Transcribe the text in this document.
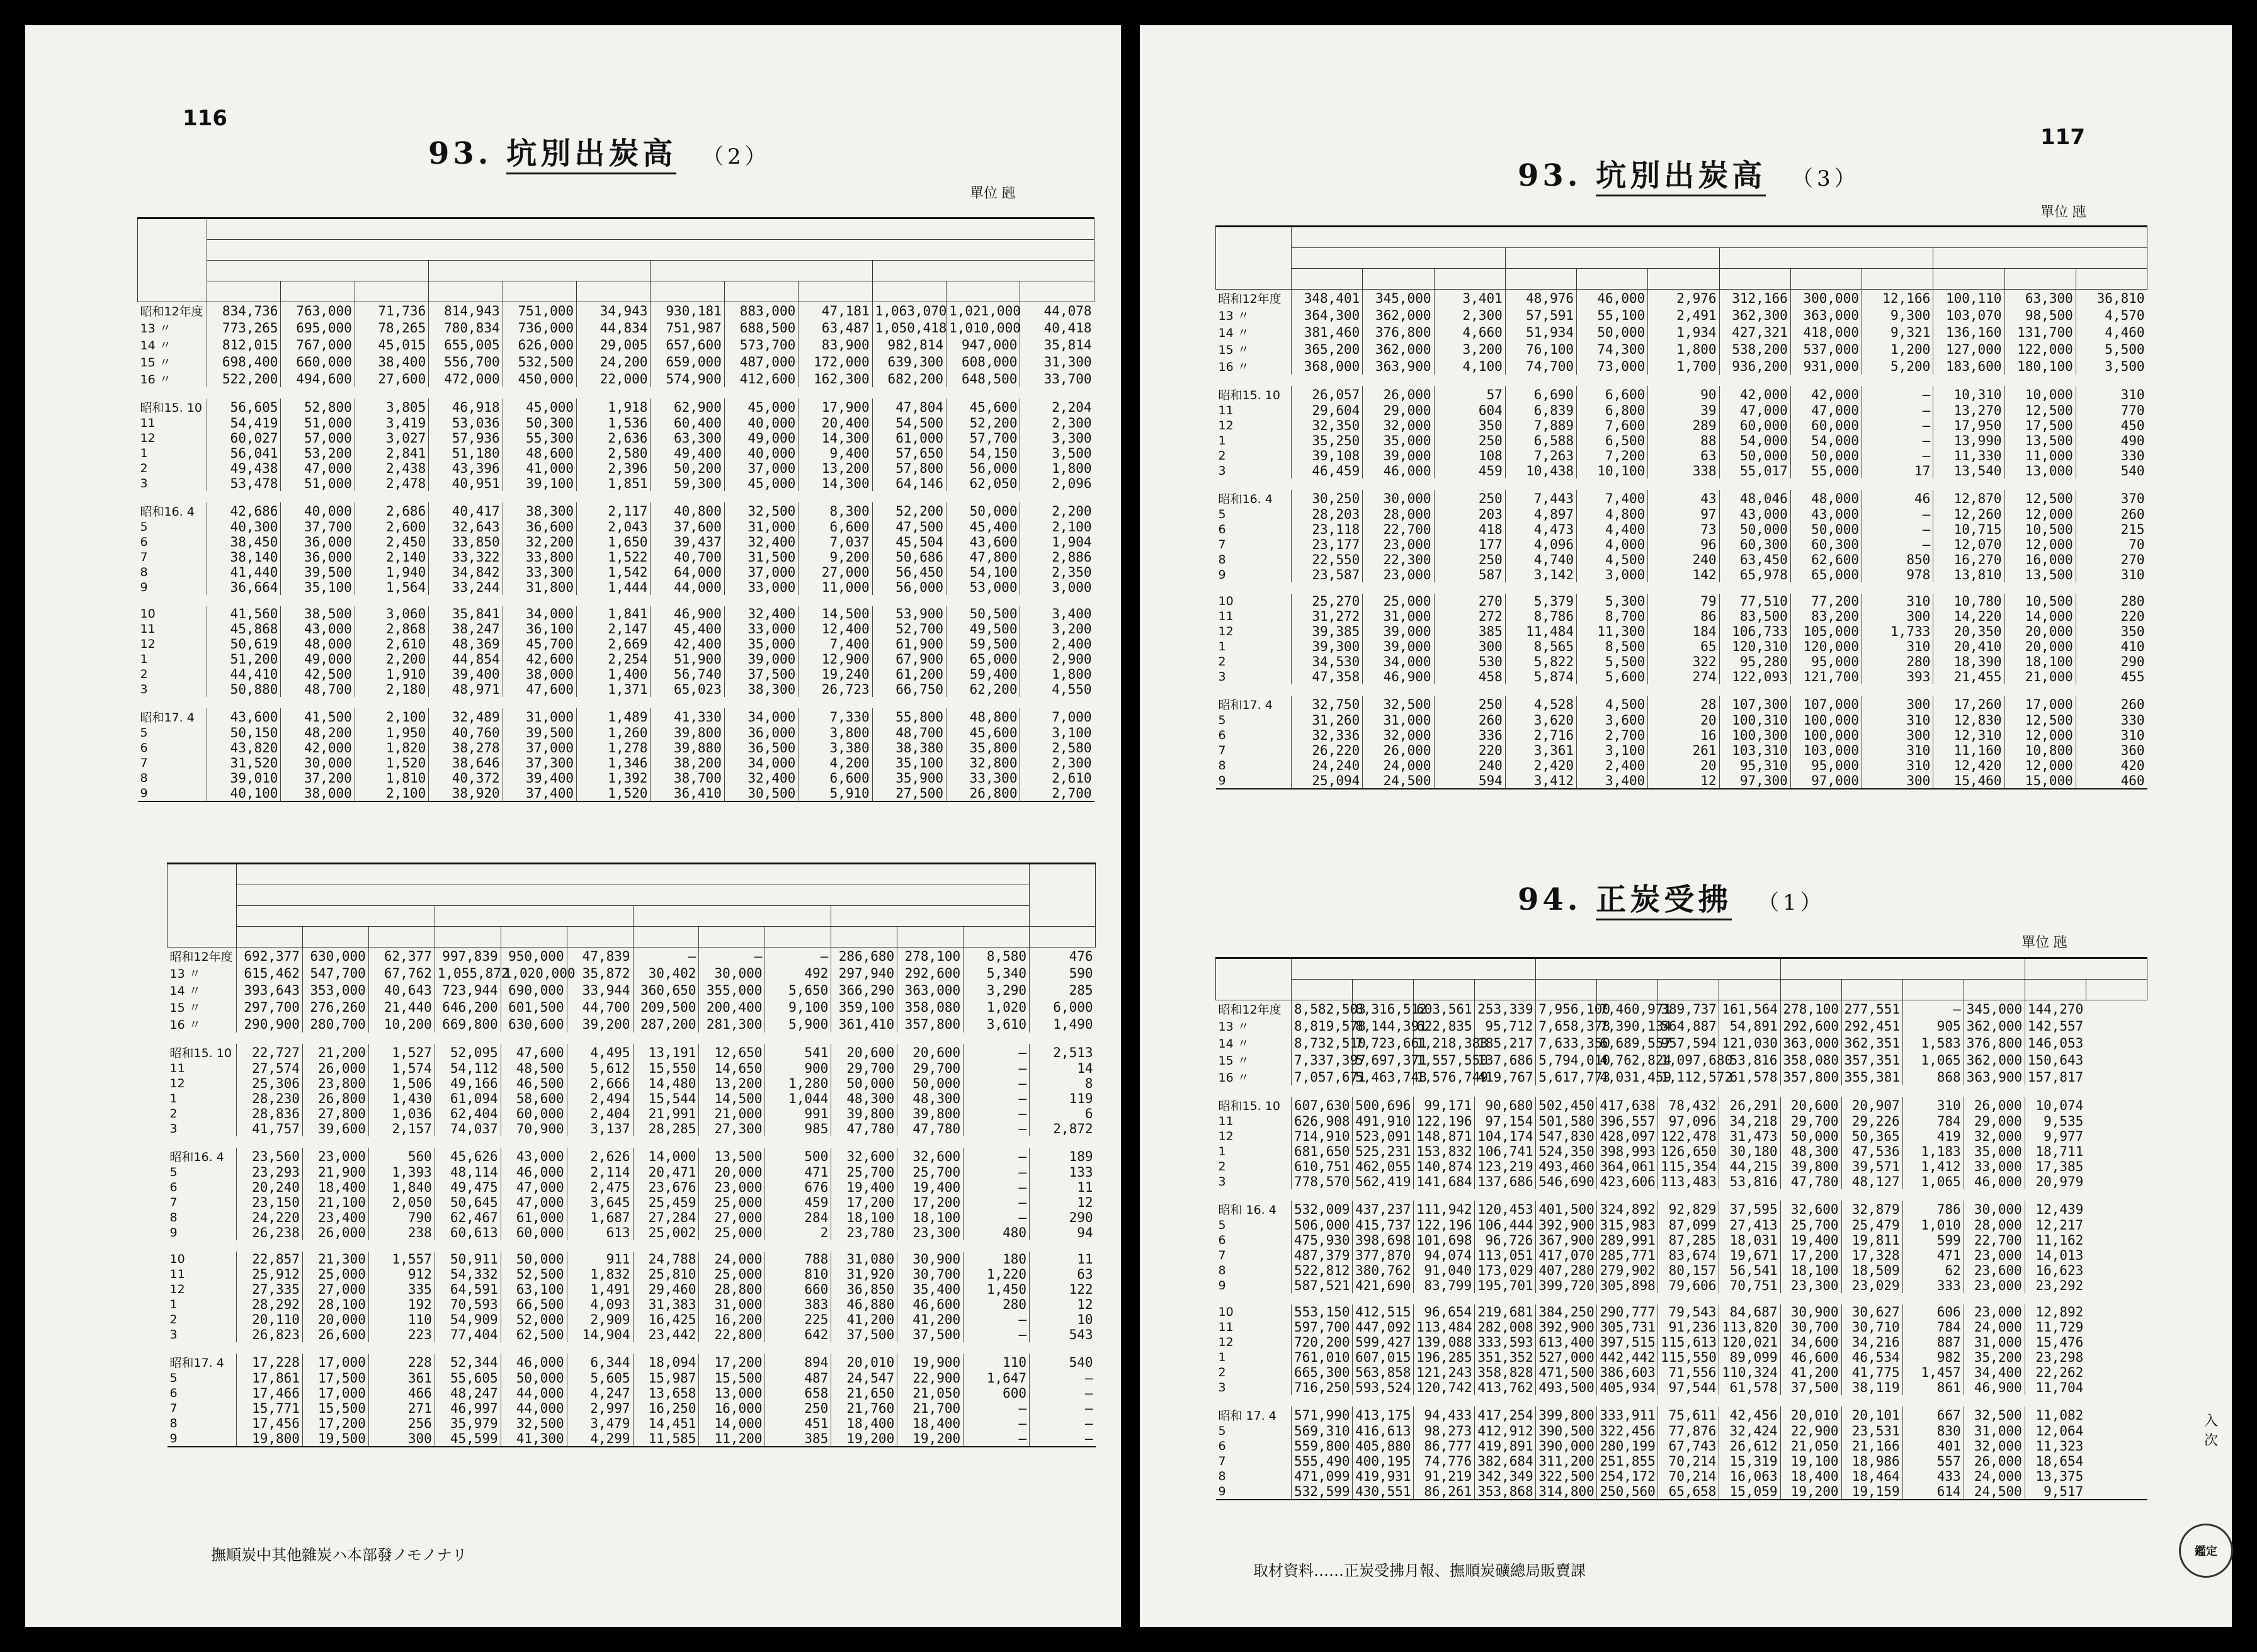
116
93. 坑別出炭高 （2）
單位 瓲

昭和12年度	834,736	763,000	71,736	814,943	751,000	34,943	930,181	883,000	47,181	1,063,070	1,021,000	44,078
13 〃	773,265	695,000	78,265	780,834	736,000	44,834	751,987	688,500	63,487	1,050,418	1,010,000	40,418
14 〃	812,015	767,000	45,015	655,005	626,000	29,005	657,600	573,700	83,900	982,814	947,000	35,814
15 〃	698,400	660,000	38,400	556,700	532,500	24,200	659,000	487,000	172,000	639,300	608,000	31,300
16 〃	522,200	494,600	27,600	472,000	450,000	22,000	574,900	412,600	162,300	682,200	648,500	33,700

昭和15. 10	56,605	52,800	3,805	46,918	45,000	1,918	62,900	45,000	17,900	47,804	45,600	2,204
11	54,419	51,000	3,419	53,036	50,300	1,536	60,400	40,000	20,400	54,500	52,200	2,300
12	60,027	57,000	3,027	57,936	55,300	2,636	63,300	49,000	14,300	61,000	57,700	3,300
1	56,041	53,200	2,841	51,180	48,600	2,580	49,400	40,000	9,400	57,650	54,150	3,500
2	49,438	47,000	2,438	43,396	41,000	2,396	50,200	37,000	13,200	57,800	56,000	1,800
3	53,478	51,000	2,478	40,951	39,100	1,851	59,300	45,000	14,300	64,146	62,050	2,096

昭和16. 4	42,686	40,000	2,686	40,417	38,300	2,117	40,800	32,500	8,300	52,200	50,000	2,200
5	40,300	37,700	2,600	32,643	36,600	2,043	37,600	31,000	6,600	47,500	45,400	2,100
6	38,450	36,000	2,450	33,850	32,200	1,650	39,437	32,400	7,037	45,504	43,600	1,904
7	38,140	36,000	2,140	33,322	33,800	1,522	40,700	31,500	9,200	50,686	47,800	2,886
8	41,440	39,500	1,940	34,842	33,300	1,542	64,000	37,000	27,000	56,450	54,100	2,350
9	36,664	35,100	1,564	33,244	31,800	1,444	44,000	33,000	11,000	56,000	53,000	3,000

10	41,560	38,500	3,060	35,841	34,000	1,841	46,900	32,400	14,500	53,900	50,500	3,400
11	45,868	43,000	2,868	38,247	36,100	2,147	45,400	33,000	12,400	52,700	49,500	3,200
12	50,619	48,000	2,610	48,369	45,700	2,669	42,400	35,000	7,400	61,900	59,500	2,400
1	51,200	49,000	2,200	44,854	42,600	2,254	51,900	39,000	12,900	67,900	65,000	2,900
2	44,410	42,500	1,910	39,400	38,000	1,400	56,740	37,500	19,240	61,200	59,400	1,800
3	50,880	48,700	2,180	48,971	47,600	1,371	65,023	38,300	26,723	66,750	62,200	4,550

昭和17. 4	43,600	41,500	2,100	32,489	31,000	1,489	41,330	34,000	7,330	55,800	48,800	7,000
5	50,150	48,200	1,950	40,760	39,500	1,260	39,800	36,000	3,800	48,700	45,600	3,100
6	43,820	42,000	1,820	38,278	37,000	1,278	39,880	36,500	3,380	38,380	35,800	2,580
7	31,520	30,000	1,520	38,646	37,300	1,346	38,200	34,000	4,200	35,100	32,800	2,300
8	39,010	37,200	1,810	40,372	39,400	1,392	38,700	32,400	6,600	35,900	33,300	2,610
9	40,100	38,000	2,100	38,920	37,400	1,520	36,410	30,500	5,910	27,500	26,800	2,700

昭和12年度	692,377	630,000	62,377	997,839	950,000	47,839	—	—	—	286,680	278,100	8,580	476
13 〃	615,462	547,700	67,762	1,055,872	1,020,000	35,872	30,402	30,000	492	297,940	292,600	5,340	590
14 〃	393,643	353,000	40,643	723,944	690,000	33,944	360,650	355,000	5,650	366,290	363,000	3,290	285
15 〃	297,700	276,260	21,440	646,200	601,500	44,700	209,500	200,400	9,100	359,100	358,080	1,020	6,000
16 〃	290,900	280,700	10,200	669,800	630,600	39,200	287,200	281,300	5,900	361,410	357,800	3,610	1,490

昭和15. 10	22,727	21,200	1,527	52,095	47,600	4,495	13,191	12,650	541	20,600	20,600	—	2,513
11	27,574	26,000	1,574	54,112	48,500	5,612	15,550	14,650	900	29,700	29,700	—	14
12	25,306	23,800	1,506	49,166	46,500	2,666	14,480	13,200	1,280	50,000	50,000	—	8
1	28,230	26,800	1,430	61,094	58,600	2,494	15,544	14,500	1,044	48,300	48,300	—	119
2	28,836	27,800	1,036	62,404	60,000	2,404	21,991	21,000	991	39,800	39,800	—	6
3	41,757	39,600	2,157	74,037	70,900	3,137	28,285	27,300	985	47,780	47,780	—	2,872

昭和16. 4	23,560	23,000	560	45,626	43,000	2,626	14,000	13,500	500	32,600	32,600	—	189
5	23,293	21,900	1,393	48,114	46,000	2,114	20,471	20,000	471	25,700	25,700	—	133
6	20,240	18,400	1,840	49,475	47,000	2,475	23,676	23,000	676	19,400	19,400	—	11
7	23,150	21,100	2,050	50,645	47,000	3,645	25,459	25,000	459	17,200	17,200	—	12
8	24,220	23,400	790	62,467	61,000	1,687	27,284	27,000	284	18,100	18,100	—	290
9	26,238	26,000	238	60,613	60,000	613	25,002	25,000	2	23,780	23,300	480	94

10	22,857	21,300	1,557	50,911	50,000	911	24,788	24,000	788	31,080	30,900	180	11
11	25,912	25,000	912	54,332	52,500	1,832	25,810	25,000	810	31,920	30,700	1,220	63
12	27,335	27,000	335	64,591	63,100	1,491	29,460	28,800	660	36,850	35,400	1,450	122
1	28,292	28,100	192	70,593	66,500	4,093	31,383	31,000	383	46,880	46,600	280	12
2	20,110	20,000	110	54,909	52,000	2,909	16,425	16,200	225	41,200	41,200	—	10
3	26,823	26,600	223	77,404	62,500	14,904	23,442	22,800	642	37,500	37,500	—	543

昭和17. 4	17,228	17,000	228	52,344	46,000	6,344	18,094	17,200	894	20,010	19,900	110	540
5	17,861	17,500	361	55,605	50,000	5,605	15,987	15,500	487	24,547	22,900	1,647	—
6	17,466	17,000	466	48,247	44,000	4,247	13,658	13,000	658	21,650	21,050	600	—
7	15,771	15,500	271	46,997	44,000	2,997	16,250	16,000	250	21,760	21,700	—	—
8	17,456	17,200	256	35,979	32,500	3,479	14,451	14,000	451	18,400	18,400	—	—
9	19,800	19,500	300	45,599	41,300	4,299	11,585	11,200	385	19,200	19,200	—	—
撫順炭中其他雜炭ハ本部發ノモノナリ
117
93. 坑別出炭高 （3）
單位 瓲

昭和12年度	348,401	345,000	3,401	48,976	46,000	2,976	312,166	300,000	12,166	100,110	63,300	36,810
13 〃	364,300	362,000	2,300	57,591	55,100	2,491	362,300	363,000	9,300	103,070	98,500	4,570
14 〃	381,460	376,800	4,660	51,934	50,000	1,934	427,321	418,000	9,321	136,160	131,700	4,460
15 〃	365,200	362,000	3,200	76,100	74,300	1,800	538,200	537,000	1,200	127,000	122,000	5,500
16 〃	368,000	363,900	4,100	74,700	73,000	1,700	936,200	931,000	5,200	183,600	180,100	3,500

昭和15. 10	26,057	26,000	57	6,690	6,600	90	42,000	42,000	—	10,310	10,000	310
11	29,604	29,000	604	6,839	6,800	39	47,000	47,000	—	13,270	12,500	770
12	32,350	32,000	350	7,889	7,600	289	60,000	60,000	—	17,950	17,500	450
1	35,250	35,000	250	6,588	6,500	88	54,000	54,000	—	13,990	13,500	490
2	39,108	39,000	108	7,263	7,200	63	50,000	50,000	—	11,330	11,000	330
3	46,459	46,000	459	10,438	10,100	338	55,017	55,000	17	13,540	13,000	540

昭和16. 4	30,250	30,000	250	7,443	7,400	43	48,046	48,000	46	12,870	12,500	370
5	28,203	28,000	203	4,897	4,800	97	43,000	43,000	—	12,260	12,000	260
6	23,118	22,700	418	4,473	4,400	73	50,000	50,000	—	10,715	10,500	215
7	23,177	23,000	177	4,096	4,000	96	60,300	60,300	—	12,070	12,000	70
8	22,550	22,300	250	4,740	4,500	240	63,450	62,600	850	16,270	16,000	270
9	23,587	23,000	587	3,142	3,000	142	65,978	65,000	978	13,810	13,500	310

10	25,270	25,000	270	5,379	5,300	79	77,510	77,200	310	10,780	10,500	280
11	31,272	31,000	272	8,786	8,700	86	83,500	83,200	300	14,220	14,000	220
12	39,385	39,000	385	11,484	11,300	184	106,733	105,000	1,733	20,350	20,000	350
1	39,300	39,000	300	8,565	8,500	65	120,310	120,000	310	20,410	20,000	410
2	34,530	34,000	530	5,822	5,500	322	95,280	95,000	280	18,390	18,100	290
3	47,358	46,900	458	5,874	5,600	274	122,093	121,700	393	21,455	21,000	455

昭和17. 4	32,750	32,500	250	4,528	4,500	28	107,300	107,000	300	17,260	17,000	260
5	31,260	31,000	260	3,620	3,600	20	100,310	100,000	310	12,830	12,500	330
6	32,336	32,000	336	2,716	2,700	16	100,300	100,000	300	12,310	12,000	310
7	26,220	26,000	220	3,361	3,100	261	103,310	103,000	310	11,160	10,800	360
8	24,240	24,000	240	2,420	2,400	20	95,310	95,000	310	12,420	12,000	420
9	25,094	24,500	594	3,412	3,400	12	97,300	97,000	300	15,460	15,000	460
94. 正炭受拂 （1）
單位 瓲

昭和12年度	8,582,503	8,316,512	603,561	253,339	7,956,100	7,460,971	389,737	161,564	278,100	277,551	—	345,000	144,270	
13 〃	8,819,578	8,144,391	622,835	95,712	7,658,378	7,390,134	564,887	54,891	292,600	292,451	905	362,000	142,557	
14 〃	8,732,510	7,723,661	1,218,383	185,217	7,633,350	6,689,557	957,594	121,030	363,000	362,351	1,583	376,800	146,053	
15 〃	7,337,397	5,697,371	1,557,550	137,686	5,794,010	4,762,824	1,097,680	53,816	358,080	357,351	1,065	362,000	150,643	
16 〃	7,057,671	5,463,748	1,576,749	419,767	5,617,773	4,031,459	1,112,572	61,578	357,800	355,381	868	363,900	157,817	

昭和15. 10	607,630	500,696	99,171	90,680	502,450	417,638	78,432	26,291	20,600	20,907	310	26,000	10,074	
11	626,908	491,910	122,196	97,154	501,580	396,557	97,096	34,218	29,700	29,226	784	29,000	9,535	
12	714,910	523,091	148,871	104,174	547,830	428,097	122,478	31,473	50,000	50,365	419	32,000	9,977	
1	681,650	525,231	153,832	106,741	524,350	398,993	126,650	30,180	48,300	47,536	1,183	35,000	18,711	
2	610,751	462,055	140,874	123,219	493,460	364,061	115,354	44,215	39,800	39,571	1,412	33,000	17,385	
3	778,570	562,419	141,684	137,686	546,690	423,606	113,483	53,816	47,780	48,127	1,065	46,000	20,979	

昭和 16. 4	532,009	437,237	111,942	120,453	401,500	324,892	92,829	37,595	32,600	32,879	786	30,000	12,439	
5	506,000	415,737	122,196	106,444	392,900	315,983	87,099	27,413	25,700	25,479	1,010	28,000	12,217	
6	475,930	398,698	101,698	96,726	367,900	289,991	87,285	18,031	19,400	19,811	599	22,700	11,162	
7	487,379	377,870	94,074	113,051	417,070	285,771	83,674	19,671	17,200	17,328	471	23,000	14,013	
8	522,812	380,762	91,040	173,029	407,280	279,902	80,157	56,541	18,100	18,509	62	23,600	16,623	
9	587,521	421,690	83,799	195,701	399,720	305,898	79,606	70,751	23,300	23,029	333	23,000	23,292	

10	553,150	412,515	96,654	219,681	384,250	290,777	79,543	84,687	30,900	30,627	606	23,000	12,892	
11	597,700	447,092	113,484	282,008	392,900	305,731	91,236	113,820	30,700	30,710	784	24,000	11,729	
12	720,200	599,427	139,088	333,593	613,400	397,515	115,613	120,021	34,600	34,216	887	31,000	15,476	
1	761,010	607,015	196,285	351,352	527,000	442,442	115,550	89,099	46,600	46,534	982	35,200	23,298	
2	665,300	563,858	121,243	358,828	471,500	386,603	71,556	110,324	41,200	41,775	1,457	34,400	22,262	
3	716,250	593,524	120,742	413,762	493,500	405,934	97,544	61,578	37,500	38,119	861	46,900	11,704	

昭和 17. 4	571,990	413,175	94,433	417,254	399,800	333,911	75,611	42,456	20,010	20,101	667	32,500	11,082	
5	569,310	416,613	98,273	412,912	390,500	322,456	77,876	32,424	22,900	23,531	830	31,000	12,064	
6	559,800	405,880	86,777	419,891	390,000	280,199	67,743	26,612	21,050	21,166	401	32,000	11,323	
7	555,490	400,195	74,776	382,684	311,200	251,855	70,214	15,319	19,100	18,986	557	26,000	18,654	
8	471,099	419,931	91,219	342,349	322,500	254,172	70,214	16,063	18,400	18,464	433	24,000	13,375	
9	532,599	430,551	86,261	353,868	314,800	250,560	65,658	15,059	19,200	19,159	614	24,500	9,517	
取材資料……正炭受拂月報、撫順炭礦總局販賣課
入次
鑑定
